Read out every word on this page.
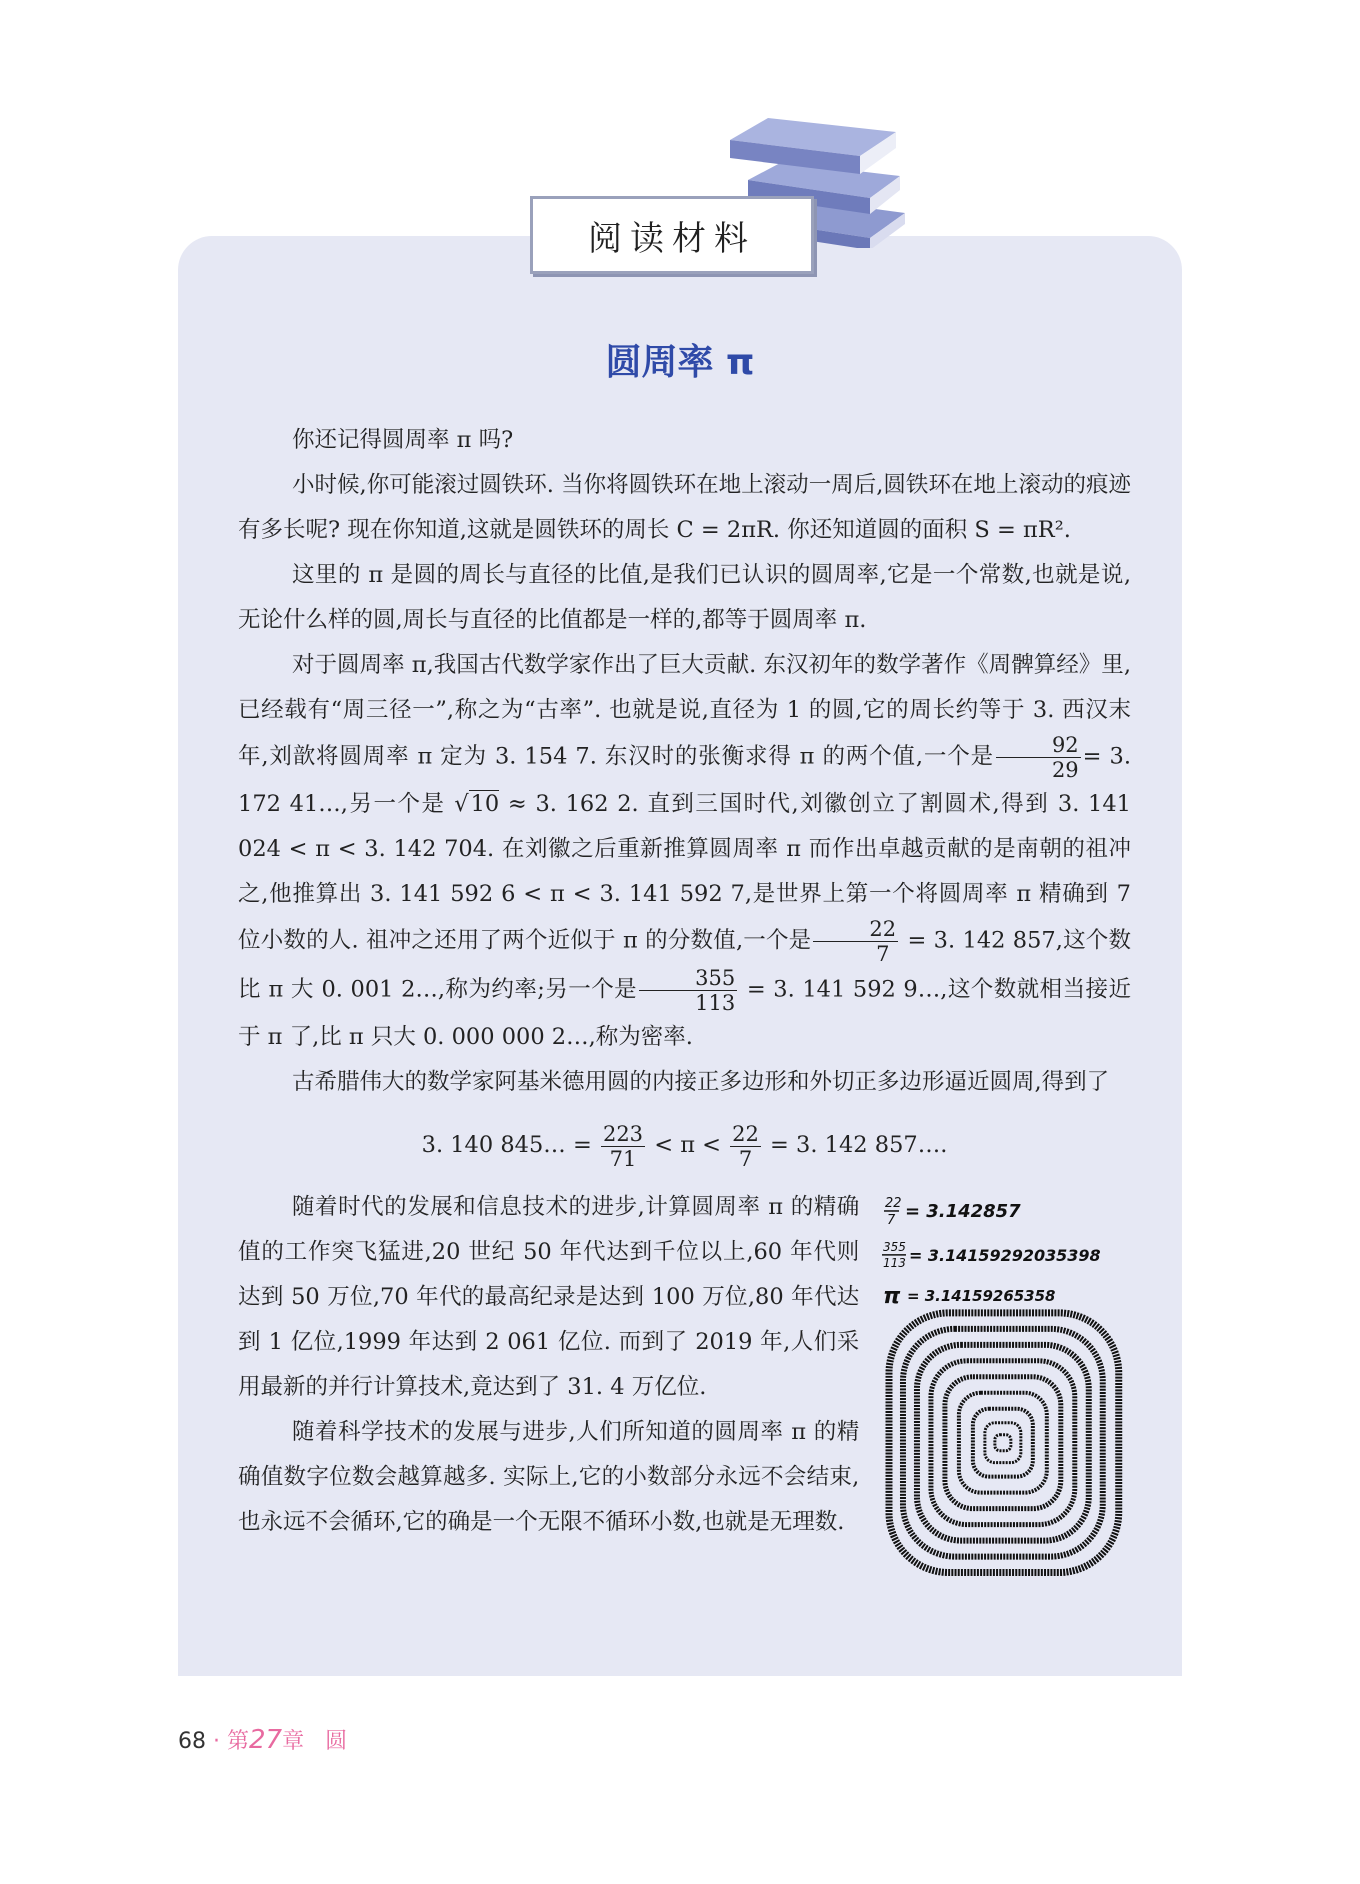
阅读材料
圆周率 π

你还记得圆周率 π 吗?

小时候,你可能滚过圆铁环. 当你将圆铁环在地上滚动一周后,圆铁环在地上滚动的痕迹有多长呢? 现在你知道,这就是圆铁环的周长 C = 2πR. 你还知道圆的面积 S = πR².

这里的 π 是圆的周长与直径的比值,是我们已认识的圆周率,它是一个常数,也就是说,无论什么样的圆,周长与直径的比值都是一样的,都等于圆周率 π.

对于圆周率 π,我国古代数学家作出了巨大贡献. 东汉初年的数学著作《周髀算经》里,已经载有“周三径一”,称之为“古率”. 也就是说,直径为 1 的圆,它的周长约等于 3. 西汉末年,刘歆将圆周率 π 定为 3. 154 7. 东汉时的张衡求得 π 的两个值,一个是 $\frac{92}{29} = 3$. 172 41…,另一个是 √10 ≈ 3. 162 2. 直到三国时代,刘徽创立了割圆术,得到 3. 141 024 < π < 3. 142 704. 在刘徽之后重新推算圆周率 π 而作出卓越贡献的是南朝的祖冲之,他推算出 3. 141 592 6 < π < 3. 141 592 7,是世界上第一个将圆周率 π 精确到 7 位小数的人. 祖冲之还用了两个近似于 π 的分数值,一个是 $\frac{22}{7} = 3$. 142 857,这个数比 π 大 0. 001 2…,称为约率;另一个是 $\frac{355}{113} = 3$. 141 592 9…,这个数就相当接近于 π 了,比 π 只大 0. 000 000 2…,称为密率.

古希腊伟大的数学家阿基米德用圆的内接正多边形和外切正多边形逼近圆周,得到了

3. 140 845… = $\frac{223}{71} < \pi < \frac{22}{7} = 3$. 142 857….

随着时代的发展和信息技术的进步,计算圆周率 π 的精确值的工作突飞猛进,20 世纪 50 年代达到千位以上,60 年代则达到 50 万位,70 年代的最高纪录是达到 100 万位,80 年代达到 1 亿位,1999 年达到 2 061 亿位. 而到了 2019 年,人们采用最新的并行计算技术,竟达到了 31. 4 万亿位.

随着科学技术的发展与进步,人们所知道的圆周率 π 的精确值数字位数会越算越多. 实际上,它的小数部分永远不会结束,也永远不会循环,它的确是一个无限不循环小数,也就是无理数.

22
7 = 3.142857
355
113 = 3.14159292035398
π = 3.14159265358
68 · 第27章 圆
